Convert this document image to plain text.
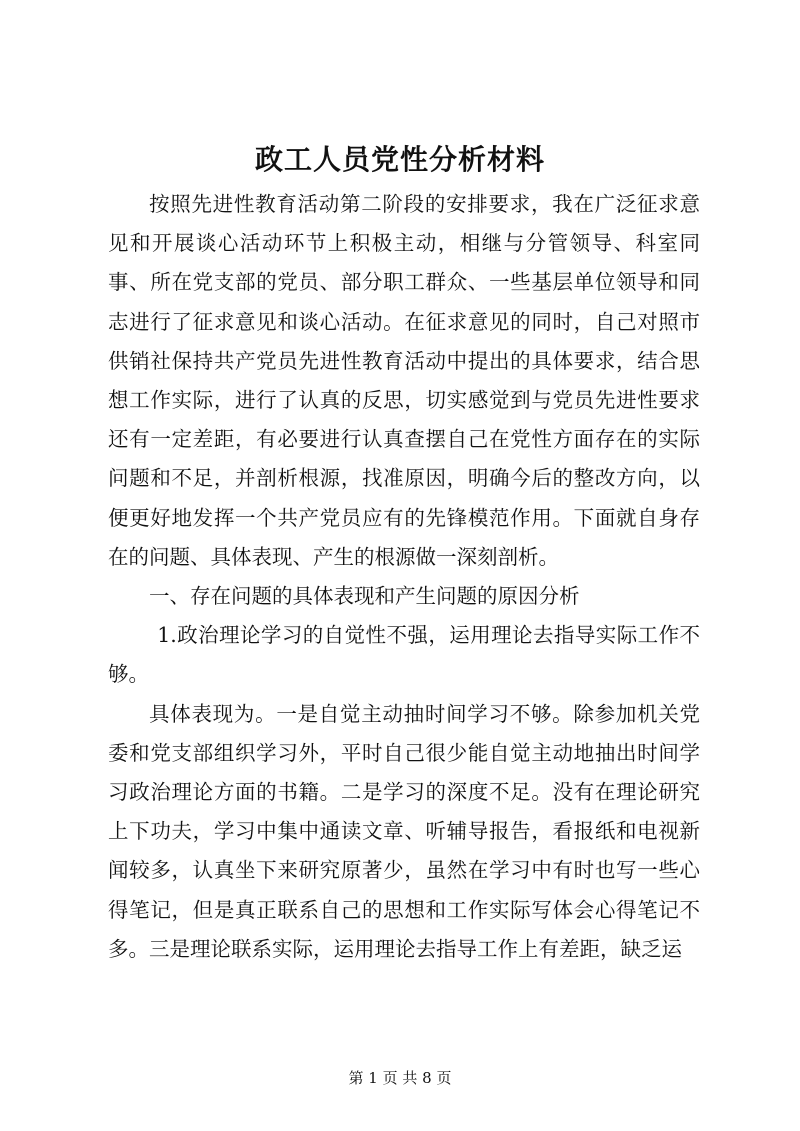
政工人员党性分析材料

按照先进性教育活动第二阶段的安排要求，我在广泛征求意见和开展谈心活动环节上积极主动，相继与分管领导、科室同事、所在党支部的党员、部分职工群众、一些基层单位领导和同志进行了征求意见和谈心活动。在征求意见的同时，自己对照市供销社保持共产党员先进性教育活动中提出的具体要求，结合思想工作实际，进行了认真的反思，切实感觉到与党员先进性要求还有一定差距，有必要进行认真查摆自己在党性方面存在的实际问题和不足，并剖析根源，找准原因，明确今后的整改方向，以便更好地发挥一个共产党员应有的先锋模范作用。下面就自身存在的问题、具体表现、产生的根源做一深刻剖析。

一、存在问题的具体表现和产生问题的原因分析

1.政治理论学习的自觉性不强，运用理论去指导实际工作不够。

具体表现为。一是自觉主动抽时间学习不够。除参加机关党委和党支部组织学习外，平时自己很少能自觉主动地抽出时间学习政治理论方面的书籍。二是学习的深度不足。没有在理论研究上下功夫，学习中集中通读文章、听辅导报告，看报纸和电视新闻较多，认真坐下来研究原著少，虽然在学习中有时也写一些心得笔记，但是真正联系自己的思想和工作实际写体会心得笔记不多。三是理论联系实际，运用理论去指导工作上有差距，缺乏运

第 1 页 共 8 页
